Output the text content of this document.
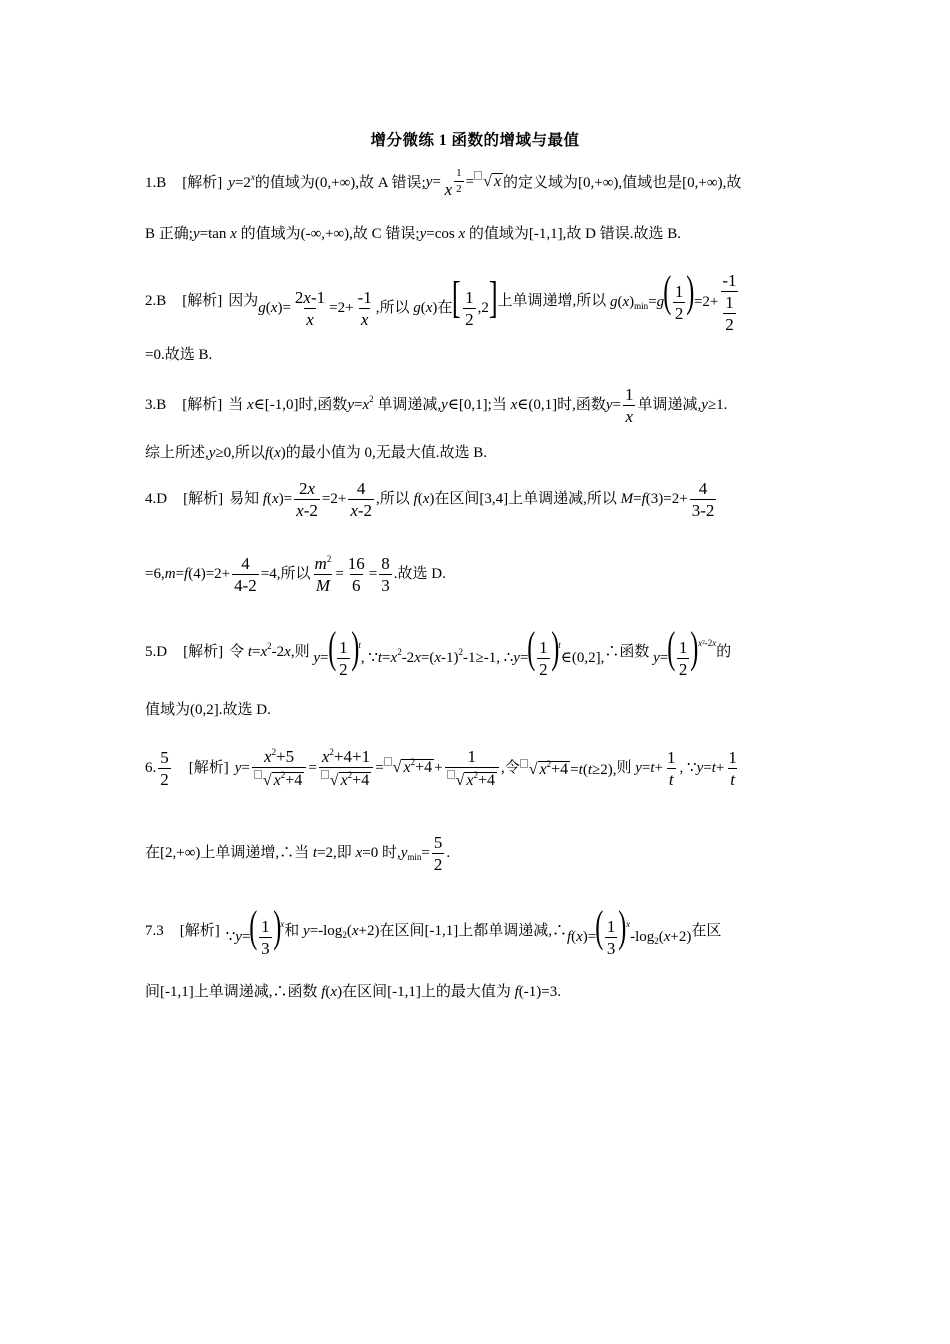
增分微练 1 函数的增域与最值
1.B [解析] $y=2^x$ 的值域为(0,+∞),故 A 错误; y= x $\frac{1}{2}$ = √ x 的定义域为[0,+∞),值域也是[0,+∞),故
B 正确; y=tan x 的值域为(-∞,+∞),故 C 错误; y=cos x 的值域为[-1,1],故 D 错误.故选 B.
2.B [解析] 因为 $g(x)= \frac{2x-1}{x} =2+ \frac{-1}{x}$ ,所以 g(x)在[ $\frac{1}{2} ,2$] 上单调递增,所以 $g(x)_{min}=g( \frac{1}{2} )=2+ \frac{-1}{\frac{1}{2}}$
=0.故选 B.
3.B [解析] 当 x∈[-1,0] 时,函数 $y=x^2$ 单调递减, y∈[0,1]; 当 x∈(0,1] 时,函数 $y= \frac{1}{x}$ 单调递减, y≥1.
综上所述, y≥0, 所以 f(x) 的最小值为 0,无最大值.故选 B.
4.D [解析] 易知 $f(x)= \frac{2x}{x-2} =2+ \frac{4}{x-2}$ , 所以 f(x) 在区间[3,4]上单调递减,所以 $M=f(3)=2+ \frac{4}{3-2}$
$=6,m=f(4)=2+ \frac{4}{4-2} =4$, 所以 $\frac{m^2}{M} = \frac{16}{6} = \frac{8}{3}$ . 故选 D.
5.D [解析] 令 $t=x^2-2x$, 则 $y=( \frac{1}{2} )^t$, $\because t=x^2-2x=(x-1)^2-1\ge-1$, ∴y=( $\frac{1}{2}$ )$^t$∈(0,2], ∴函数 $y=( \frac{1}{2} )^{x^2-2x}$
的
值域为(0,2].故选 D.
6. $\frac{5}{2}$ [解析] $y= \frac{x^2+5}{√ x^2+4} = \frac{x^2+4+1}{√ x^2+4}$ = √ $x^2+4 + \frac{1}{√ x^2+4}$ , 令 √ $x^2+4 =t(t\ge 2)$, 则 $y=t+ \frac{1}{t}$ , ∵y=t+ $\frac{1}{t}$
在[2,+∞)上单调递增,∴当 t=2, 即 x=0 时, $y_{min}= \frac{5}{2}$ .
7.3 [解析] ∵y=( $\frac{1}{3} )^x$ 和 $y=-\log_2(x+2)$ 在区间[-1,1]上都单调递减,∴ $f(x)=( \frac{1}{3} )^x-\log_2(x+2)$ 在区
间[-1,1]上单调递减,∴函数 f(x) 在区间[-1,1]上的最大值为 f(-1)=3.
